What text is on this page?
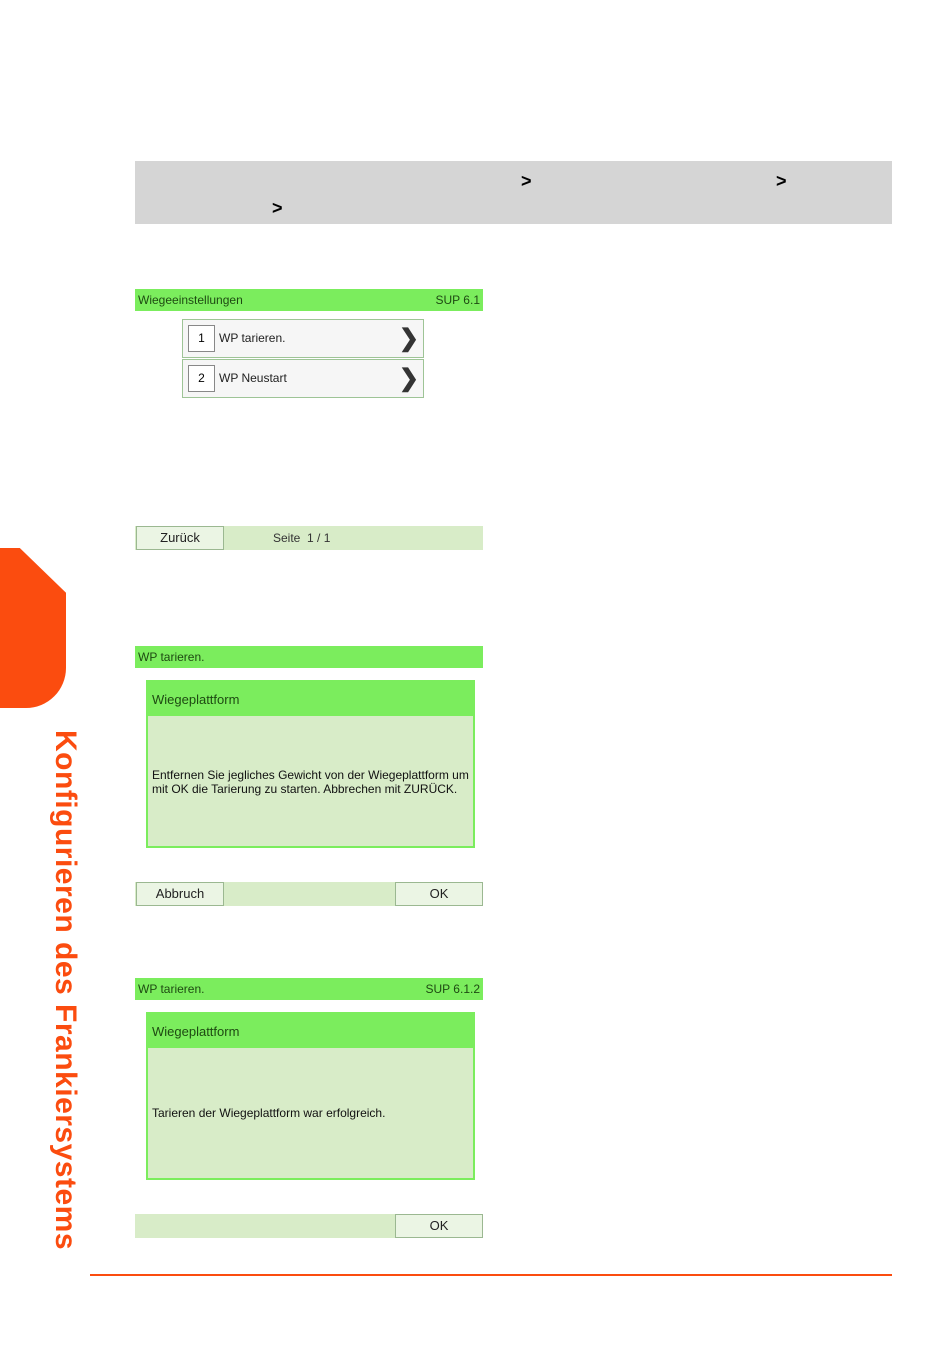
Konfigurieren des Frankiersystems
>	>
>
Wiegeeinstellungen	SUP 6.1
1	WP tarieren.	❯
2	WP Neustart	❯
Zurück	Seite  1 / 1
WP tarieren.
Wiegeplattform
Entfernen Sie jegliches Gewicht von der Wiegeplattform um mit OK die Tarierung zu starten. Abbrechen mit ZURÜCK.
Abbruch	OK
WP tarieren.	SUP 6.1.2
Wiegeplattform
Tarieren der Wiegeplattform war erfolgreich.
OK
